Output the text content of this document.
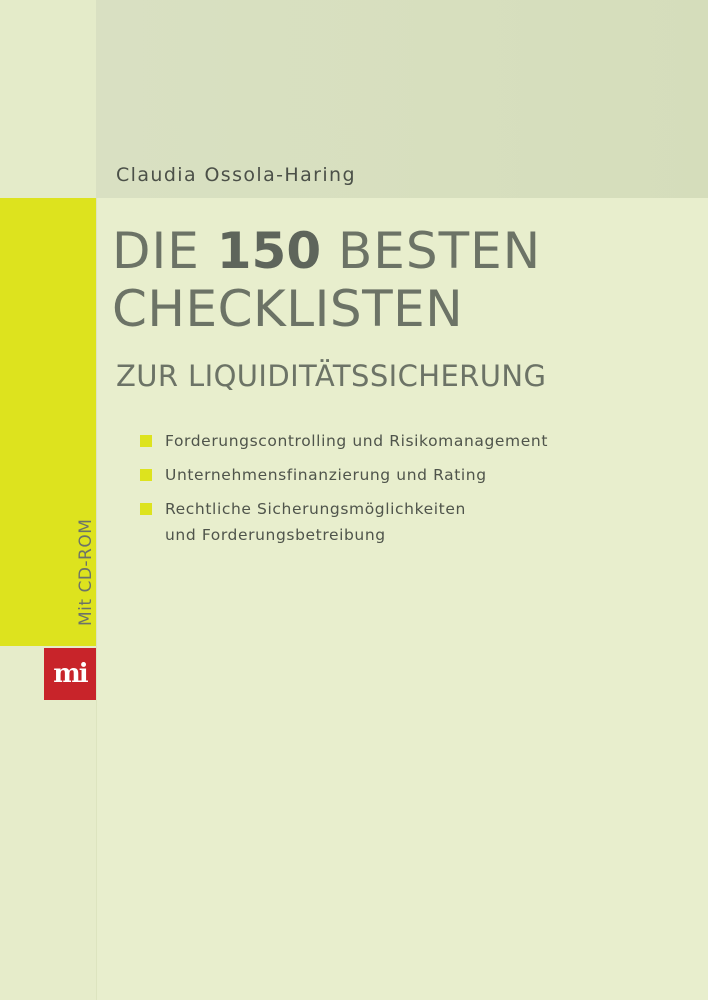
Mit CD-ROM
mi
Claudia Ossola-Haring
DIE 150 BESTEN
CHECKLISTEN
ZUR LIQUIDITÄTSSICHERUNG
Forderungscontrolling und Risikomanagement
Unternehmensfinanzierung und Rating
Rechtliche Sicherungsmöglichkeiten
und Forderungsbetreibung
